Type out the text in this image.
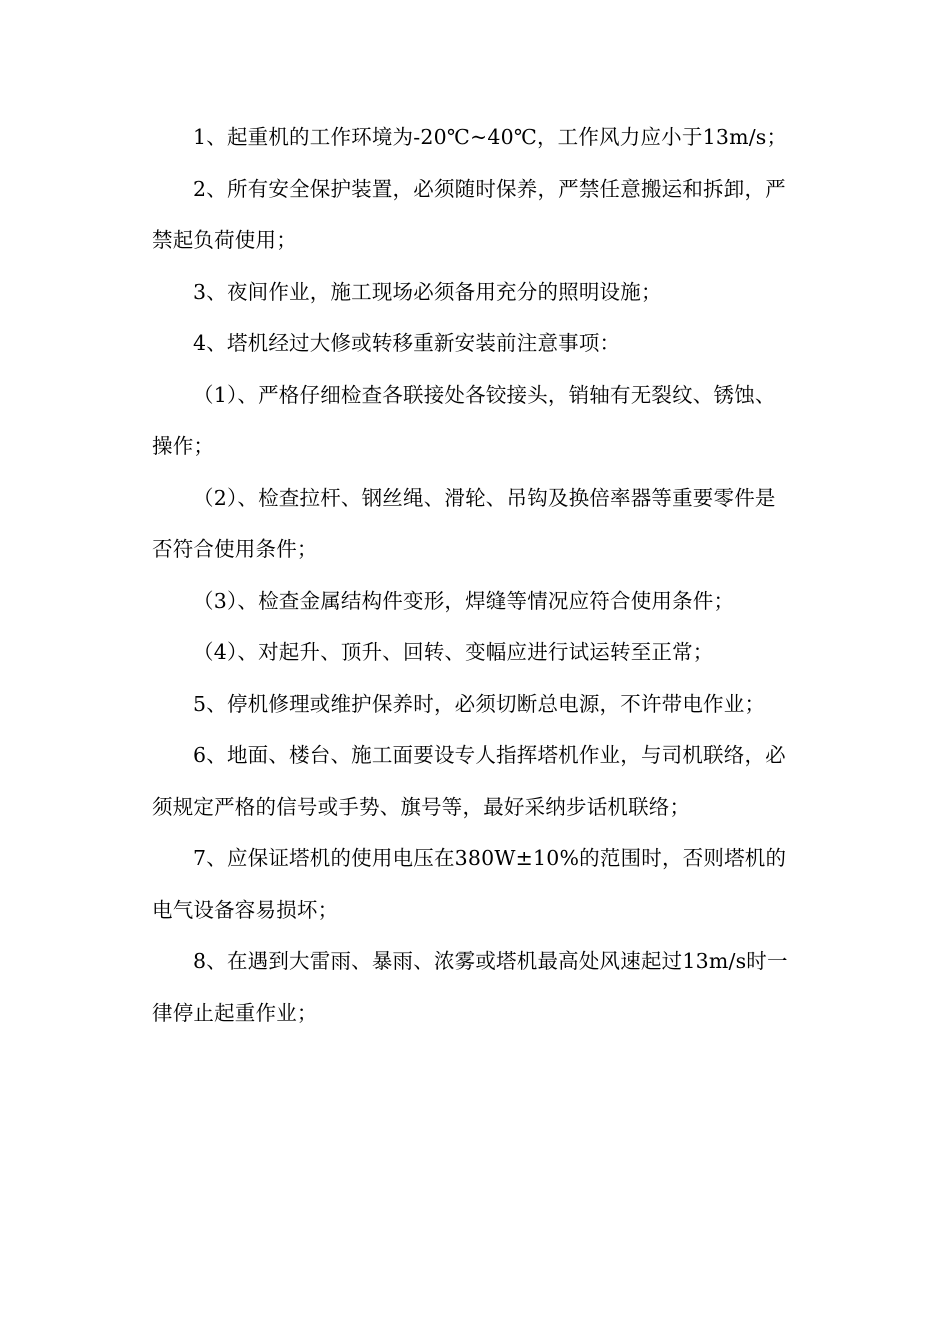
1、起重机的工作环境为-20℃~40℃，工作风力应小于13m/s；

2、所有安全保护装置，必须随时保养，严禁任意搬运和拆卸，严禁起负荷使用；

3、夜间作业，施工现场必须备用充分的照明设施；

4、塔机经过大修或转移重新安装前注意事项：

（1）、严格仔细检查各联接处各铰接头，销轴有无裂纹、锈蚀、操作；

（2）、检查拉杆、钢丝绳、滑轮、吊钩及换倍率器等重要零件是否符合使用条件；

（3）、检查金属结构件变形，焊缝等情况应符合使用条件；

（4）、对起升、顶升、回转、变幅应进行试运转至正常；

5、停机修理或维护保养时，必须切断总电源，不许带电作业；

6、地面、楼台、施工面要设专人指挥塔机作业，与司机联络，必须规定严格的信号或手势、旗号等，最好采纳步话机联络；

7、应保证塔机的使用电压在380W±10%的范围时，否则塔机的电气设备容易损坏；

8、在遇到大雷雨、暴雨、浓雾或塔机最高处风速起过13m/s时一律停止起重作业；
